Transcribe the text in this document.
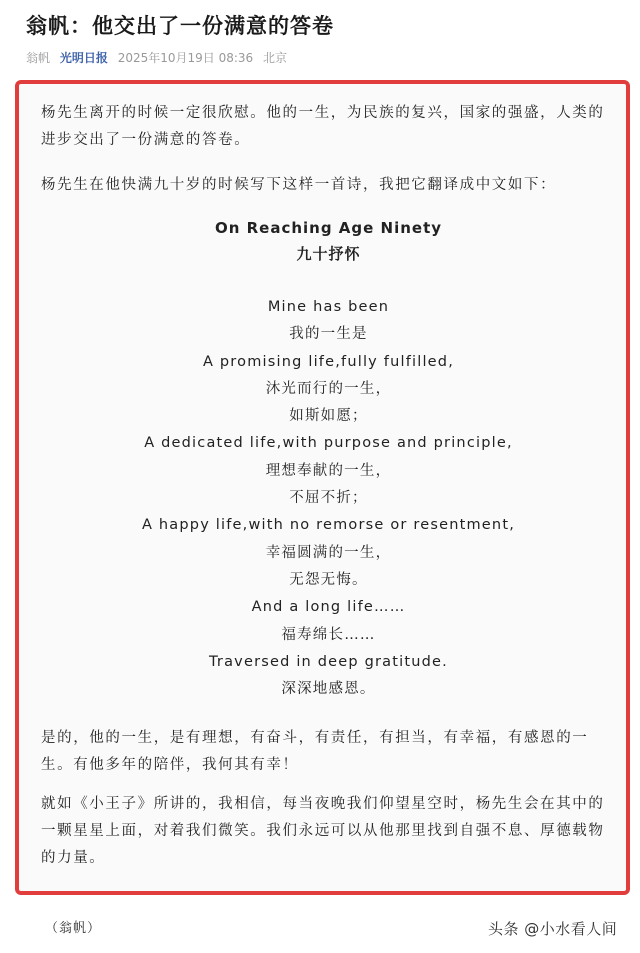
翁帆：他交出了一份满意的答卷
翁帆 光明日报 2025年10月19日 08:36 北京

杨先生离开的时候一定很欣慰。他的一生，为民族的复兴，国家的强盛，人类的进步交出了一份满意的答卷。

杨先生在他快满九十岁的时候写下这样一首诗，我把它翻译成中文如下：

On Reaching Age Ninety
九十抒怀
Mine has been
我的一生是
A promising life,fully fulfilled,
沐光而行的一生，
如斯如愿；
A dedicated life,with purpose and principle,
理想奉献的一生，
不屈不折；
A happy life,with no remorse or resentment,
幸福圆满的一生，
无怨无悔。
And a long life……
福寿绵长……
Traversed in deep gratitude.
深深地感恩。

是的，他的一生，是有理想，有奋斗，有责任，有担当，有幸福，有感恩的一生。有他多年的陪伴，我何其有幸！

就如《小王子》所讲的，我相信，每当夜晚我们仰望星空时，杨先生会在其中的一颗星星上面，对着我们微笑。我们永远可以从他那里找到自强不息、厚德载物的力量。

（翁帆）	头条 @小水看人间
